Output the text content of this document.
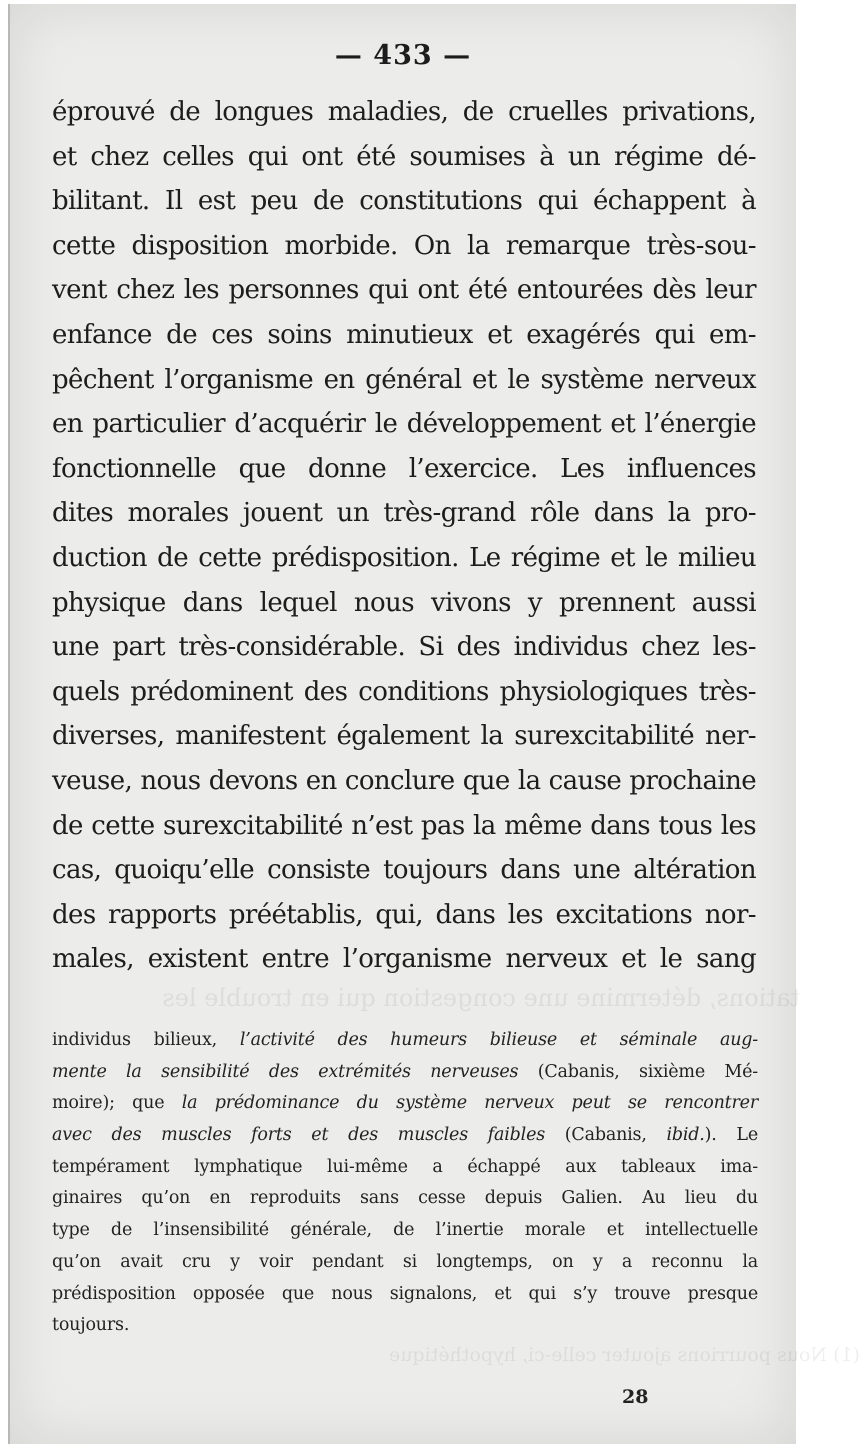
— 433 —
éprouvé de longues maladies, de cruelles privations,
et chez celles qui ont été soumises à un régime dé-
bilitant. Il est peu de constitutions qui échappent à
cette disposition morbide. On la remarque très-sou-
vent chez les personnes qui ont été entourées dès leur
enfance de ces soins minutieux et exagérés qui em-
pêchent l’organisme en général et le système nerveux
en particulier d’acquérir le développement et l’énergie
fonctionnelle que donne l’exercice. Les influences
dites morales jouent un très-grand rôle dans la pro-
duction de cette prédisposition. Le régime et le milieu
physique dans lequel nous vivons y prennent aussi
une part très-considérable. Si des individus chez les-
quels prédominent des conditions physiologiques très-
diverses, manifestent également la surexcitabilité ner-
veuse, nous devons en conclure que la cause prochaine
de cette surexcitabilité n’est pas la même dans tous les
cas, quoiqu’elle consiste toujours dans une altération
des rapports préétablis, qui, dans les excitations nor-
males, existent entre l’organisme nerveux et le sang
tations, détermine une congestion qui en trouble les
individus bilieux, l’activité des humeurs bilieuse et séminale aug-
mente la sensibilité des extrémités nerveuses (Cabanis, sixième Mé-
moire); que la prédominance du système nerveux peut se rencontrer
avec des muscles forts et des muscles faibles (Cabanis, ibid.). Le
tempérament lymphatique lui-même a échappé aux tableaux ima-
ginaires qu’on en reproduits sans cesse depuis Galien. Au lieu du
type de l’insensibilité générale, de l’inertie morale et intellectuelle
qu’on avait cru y voir pendant si longtemps, on y a reconnu la
prédisposition opposée que nous signalons, et qui s’y trouve presque
toujours.
(1) Nous pourrions ajouter celle-ci, hypothétique
28
